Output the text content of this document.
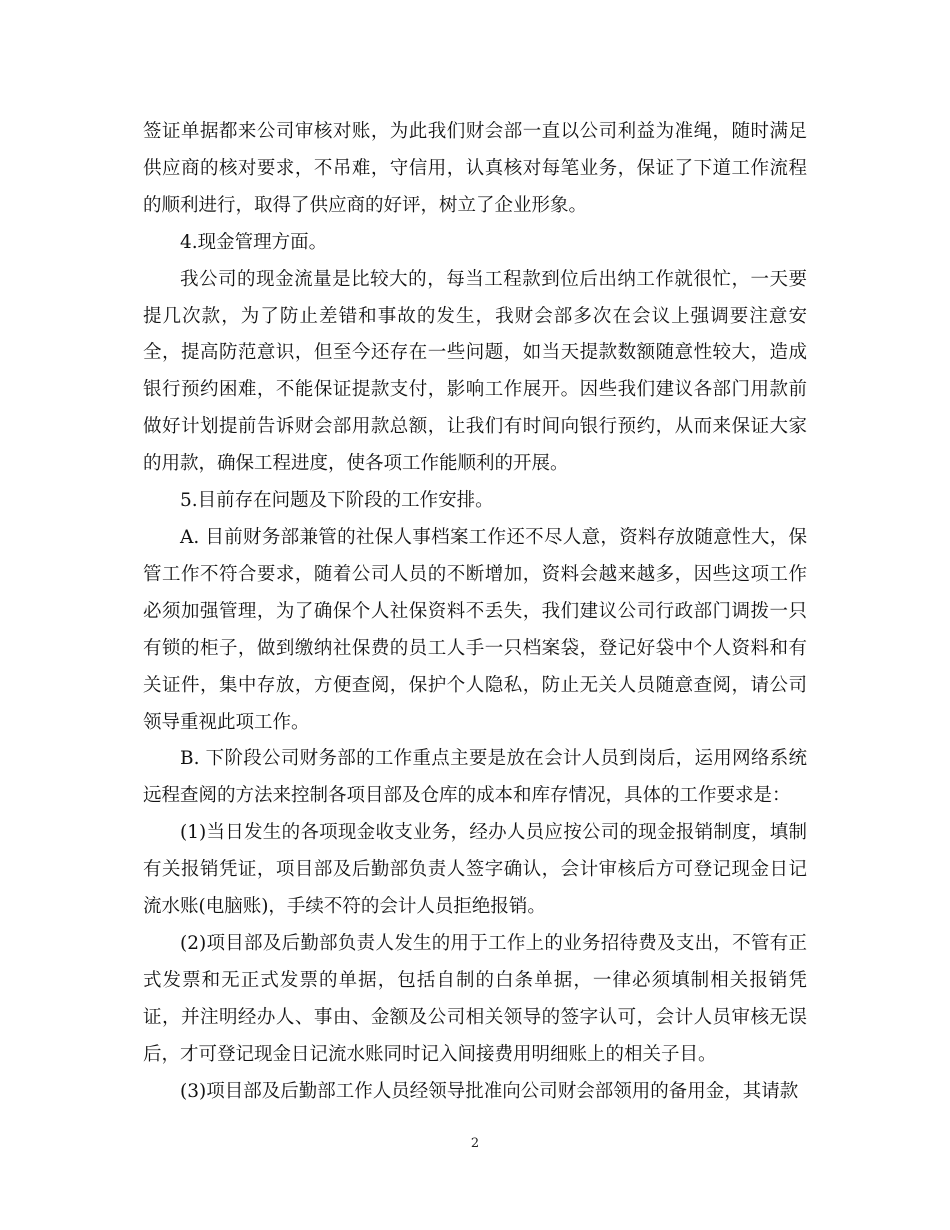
签证单据都来公司审核对账，为此我们财会部一直以公司利益为准绳，随时满足供应商的核对要求，不吊难，守信用，认真核对每笔业务，保证了下道工作流程的顺利进行，取得了供应商的好评，树立了企业形象。

4.现金管理方面。

我公司的现金流量是比较大的，每当工程款到位后出纳工作就很忙，一天要提几次款，为了防止差错和事故的发生，我财会部多次在会议上强调要注意安全，提高防范意识，但至今还存在一些问题，如当天提款数额随意性较大，造成银行预约困难，不能保证提款支付，影响工作展开。因些我们建议各部门用款前做好计划提前告诉财会部用款总额，让我们有时间向银行预约，从而来保证大家的用款，确保工程进度，使各项工作能顺利的开展。

5.目前存在问题及下阶段的工作安排。

A. 目前财务部兼管的社保人事档案工作还不尽人意，资料存放随意性大，保管工作不符合要求，随着公司人员的不断增加，资料会越来越多，因些这项工作必须加强管理，为了确保个人社保资料不丢失，我们建议公司行政部门调拨一只有锁的柜子，做到缴纳社保费的员工人手一只档案袋，登记好袋中个人资料和有关证件，集中存放，方便查阅，保护个人隐私，防止无关人员随意查阅，请公司领导重视此项工作。

B. 下阶段公司财务部的工作重点主要是放在会计人员到岗后，运用网络系统远程查阅的方法来控制各项目部及仓库的成本和库存情况，具体的工作要求是：

(1)当日发生的各项现金收支业务，经办人员应按公司的现金报销制度，填制有关报销凭证，项目部及后勤部负责人签字确认，会计审核后方可登记现金日记流水账(电脑账)，手续不符的会计人员拒绝报销。

(2)项目部及后勤部负责人发生的用于工作上的业务招待费及支出，不管有正式发票和无正式发票的单据，包括自制的白条单据，一律必须填制相关报销凭证，并注明经办人、事由、金额及公司相关领导的签字认可，会计人员审核无误后，才可登记现金日记流水账同时记入间接费用明细账上的相关子目。

(3)项目部及后勤部工作人员经领导批准向公司财会部领用的备用金，其请款

2
